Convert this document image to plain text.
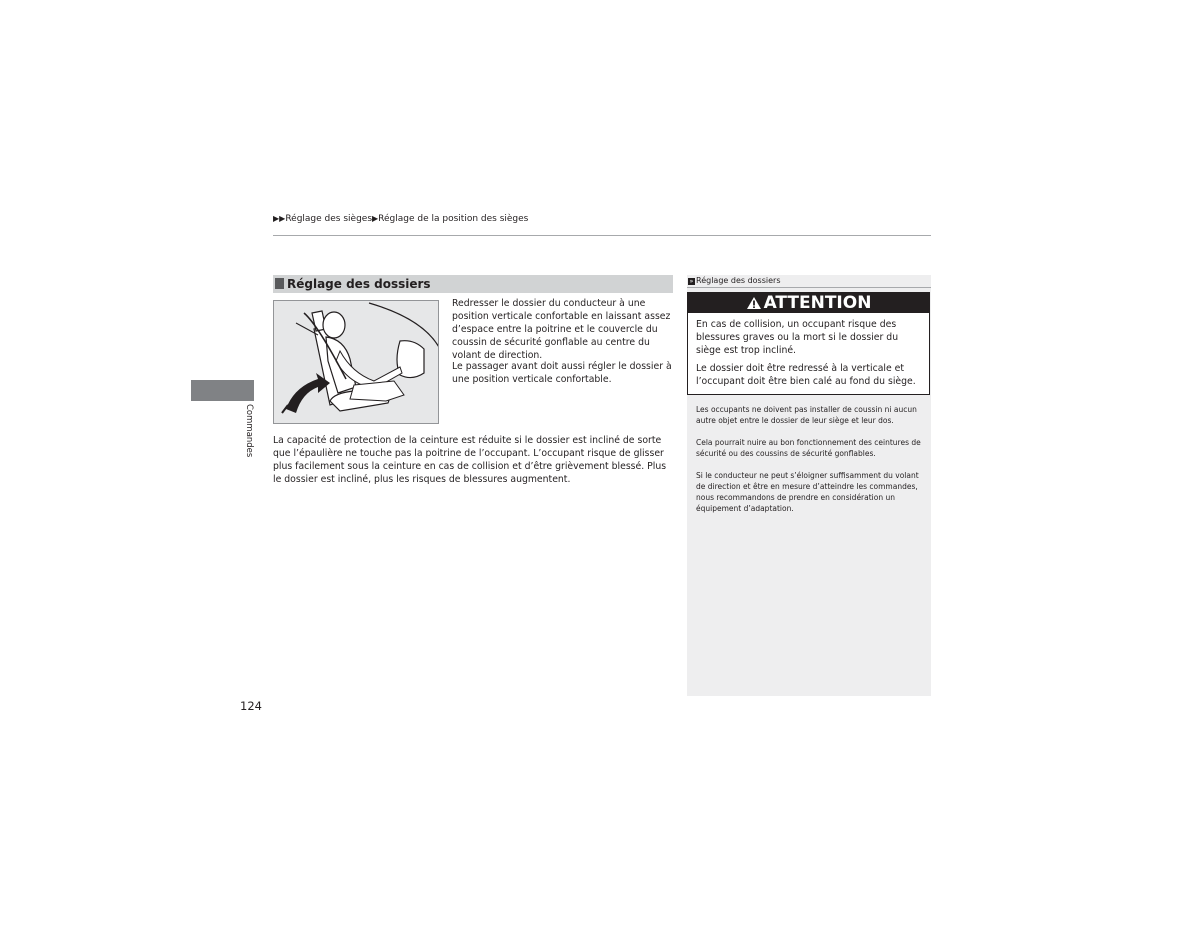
▶▶Réglage des sièges▶Réglage de la position des sièges
Commandes
Réglage des dossiers
Redresser le dossier du conducteur à une position verticale confortable en laissant assez d’espace entre la poitrine et le couvercle du coussin de sécurité gonflable au centre du volant de direction.
Le passager avant doit aussi régler le dossier à une position verticale confortable.
La capacité de protection de la ceinture est réduite si le dossier est incliné de sorte que l’épaulière ne touche pas la poitrine de l’occupant. L’occupant risque de glisser plus facilement sous la ceinture en cas de collision et d’être grièvement blessé. Plus le dossier est incliné, plus les risques de blessures augmentent.
» Réglage des dossiers
ATTENTION
En cas de collision, un occupant risque des blessures graves ou la mort si le dossier du siège est trop incliné.
Le dossier doit être redressé à la verticale et l’occupant doit être bien calé au fond du siège.
Les occupants ne doivent pas installer de coussin ni aucun autre objet entre le dossier de leur siège et leur dos.
Cela pourrait nuire au bon fonctionnement des ceintures de sécurité ou des coussins de sécurité gonflables.
Si le conducteur ne peut s’éloigner suffisamment du volant de direction et être en mesure d’atteindre les commandes, nous recommandons de prendre en considération un équipement d’adaptation.
124
